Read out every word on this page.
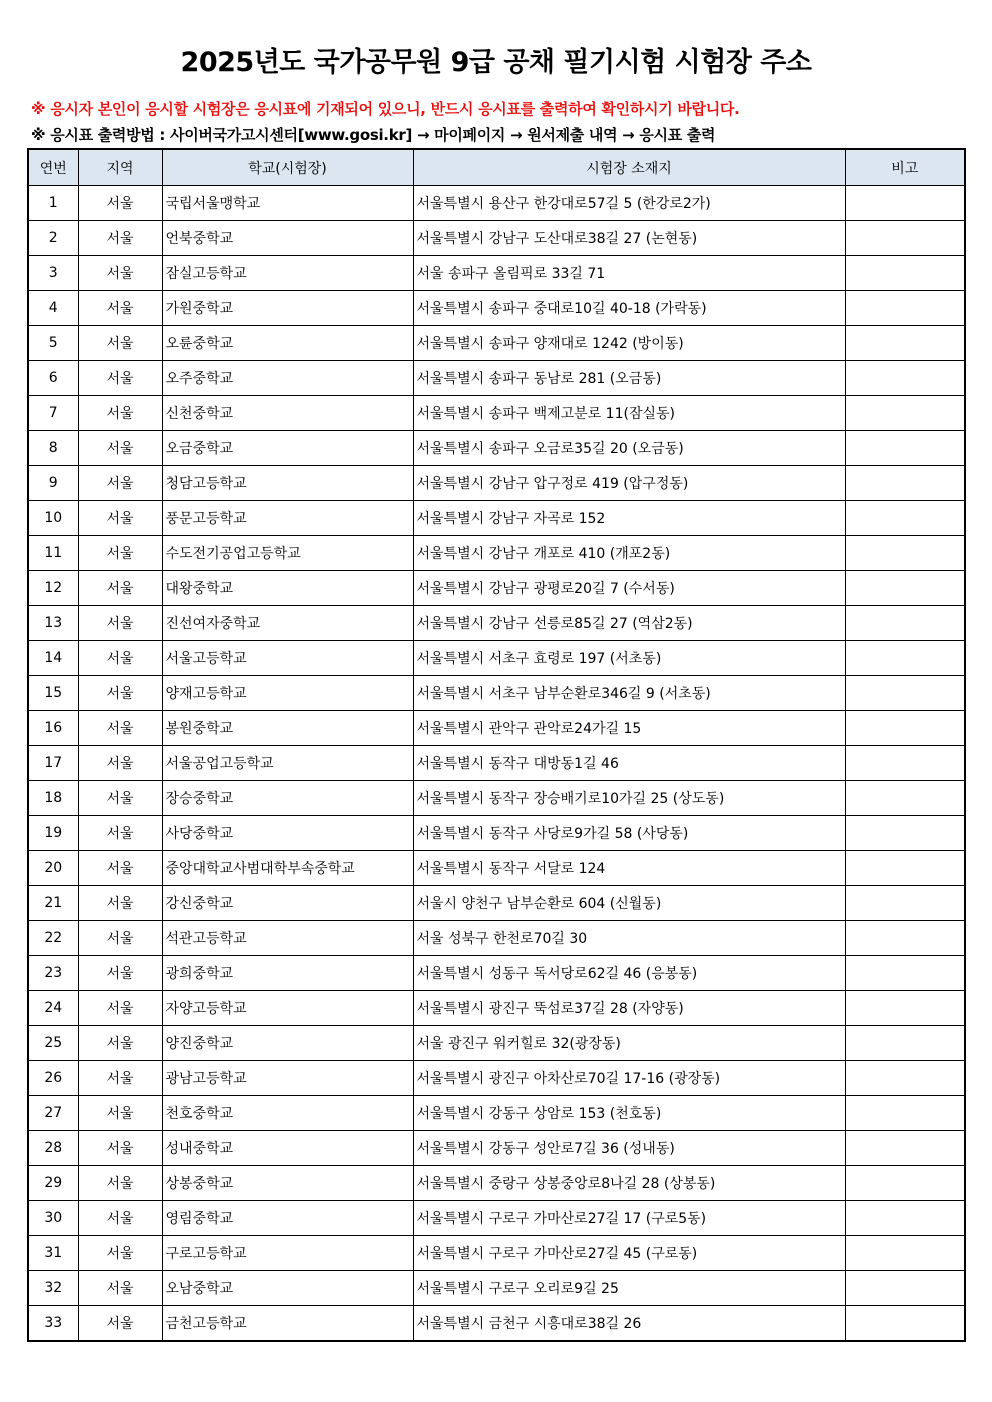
2025년도 국가공무원 9급 공채 필기시험 시험장 주소
※ 응시자 본인이 응시할 시험장은 응시표에 기재되어 있으니, 반드시 응시표를 출력하여 확인하시기 바랍니다.
※ 응시표 출력방법 : 사이버국가고시센터[www.gosi.kr] → 마이페이지 → 원서제출 내역 → 응시표 출력
연번	지역	학교(시험장)	시험장 소재지	비고
1	서울	국립서울맹학교	서울특별시 용산구 한강대로57길 5 (한강로2가)	
2	서울	언북중학교	서울특별시 강남구 도산대로38길 27 (논현동)	
3	서울	잠실고등학교	서울 송파구 올림픽로 33길 71	
4	서울	가원중학교	서울특별시 송파구 중대로10길 40-18 (가락동)	
5	서울	오륜중학교	서울특별시 송파구 양재대로 1242 (방이동)	
6	서울	오주중학교	서울특별시 송파구 동남로 281 (오금동)	
7	서울	신천중학교	서울특별시 송파구 백제고분로 11(잠실동)	
8	서울	오금중학교	서울특별시 송파구 오금로35길 20 (오금동)	
9	서울	청담고등학교	서울특별시 강남구 압구정로 419 (압구정동)	
10	서울	풍문고등학교	서울특별시 강남구 자곡로 152	
11	서울	수도전기공업고등학교	서울특별시 강남구 개포로 410 (개포2동)	
12	서울	대왕중학교	서울특별시 강남구 광평로20길 7 (수서동)	
13	서울	진선여자중학교	서울특별시 강남구 선릉로85길 27 (역삼2동)	
14	서울	서울고등학교	서울특별시 서초구 효령로 197 (서초동)	
15	서울	양재고등학교	서울특별시 서초구 남부순환로346길 9 (서초동)	
16	서울	봉원중학교	서울특별시 관악구 관악로24가길 15	
17	서울	서울공업고등학교	서울특별시 동작구 대방동1길 46	
18	서울	장승중학교	서울특별시 동작구 장승배기로10가길 25 (상도동)	
19	서울	사당중학교	서울특별시 동작구 사당로9가길 58 (사당동)	
20	서울	중앙대학교사범대학부속중학교	서울특별시 동작구 서달로 124	
21	서울	강신중학교	서울시 양천구 남부순환로 604 (신월동)	
22	서울	석관고등학교	서울 성북구 한천로70길 30	
23	서울	광희중학교	서울특별시 성동구 독서당로62길 46 (응봉동)	
24	서울	자양고등학교	서울특별시 광진구 뚝섬로37길 28 (자양동)	
25	서울	양진중학교	서울 광진구 워커힐로 32(광장동)	
26	서울	광남고등학교	서울특별시 광진구 아차산로70길 17-16 (광장동)	
27	서울	천호중학교	서울특별시 강동구 상암로 153 (천호동)	
28	서울	성내중학교	서울특별시 강동구 성안로7길 36 (성내동)	
29	서울	상봉중학교	서울특별시 중랑구 상봉중앙로8나길 28 (상봉동)	
30	서울	영림중학교	서울특별시 구로구 가마산로27길 17 (구로5동)	
31	서울	구로고등학교	서울특별시 구로구 가마산로27길 45 (구로동)	
32	서울	오남중학교	서울특별시 구로구 오리로9길 25	
33	서울	금천고등학교	서울특별시 금천구 시흥대로38길 26	
